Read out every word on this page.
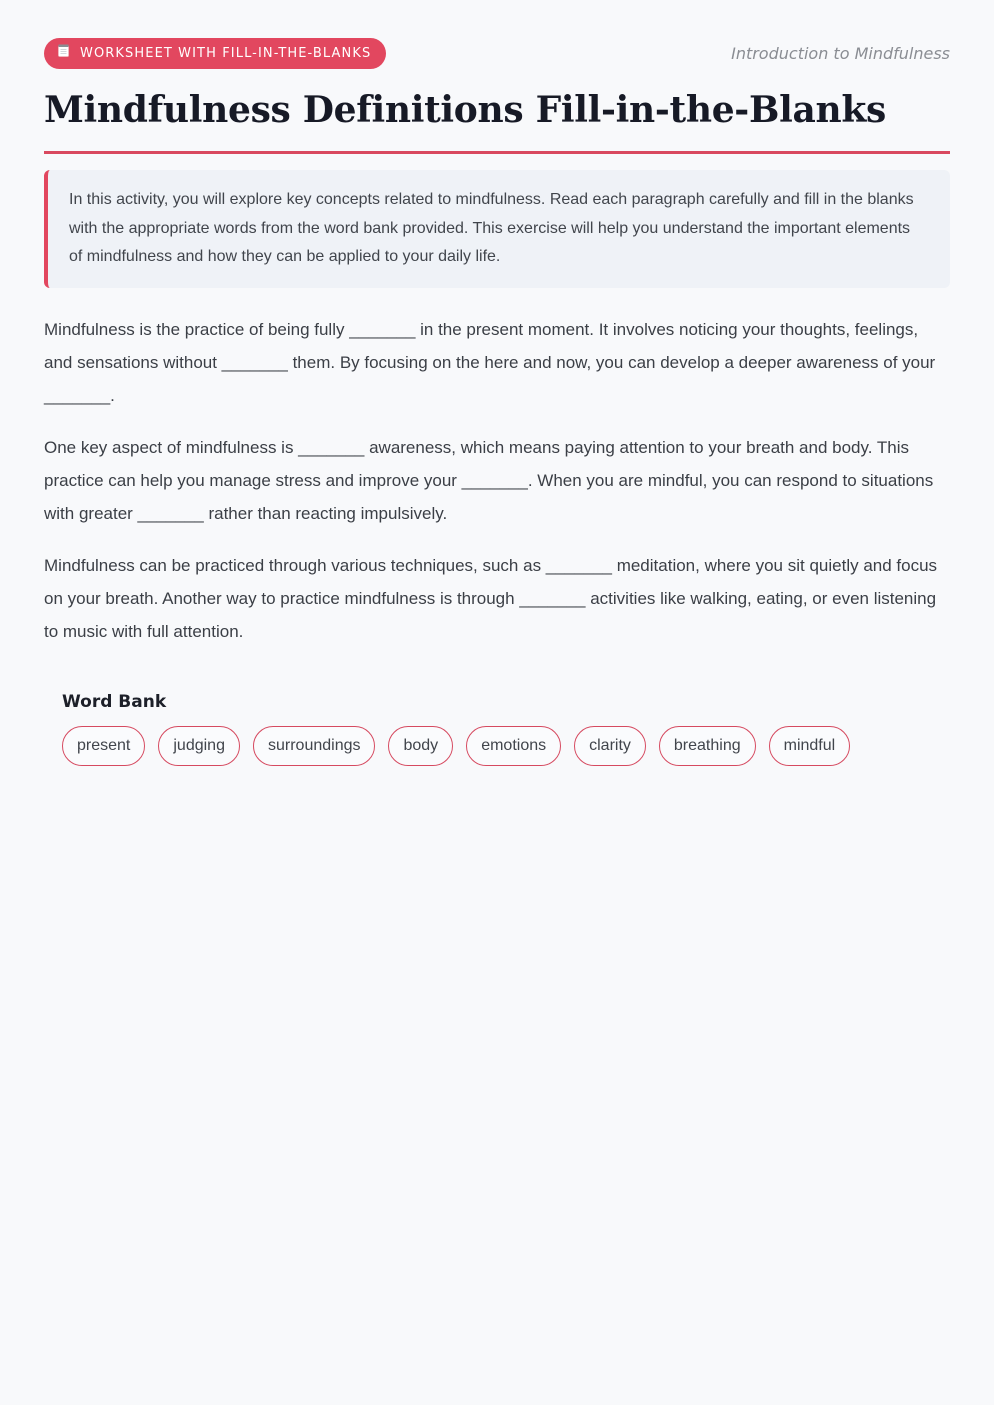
WORKSHEET WITH FILL-IN-THE-BLANKS	Introduction to Mindfulness
Mindfulness Definitions Fill-in-the-Blanks
In this activity, you will explore key concepts related to mindfulness. Read each paragraph carefully and fill in the blanks with the appropriate words from the word bank provided. This exercise will help you understand the important elements of mindfulness and how they can be applied to your daily life.

Mindfulness is the practice of being fully _______ in the present moment. It involves noticing your thoughts, feelings, and sensations without _______ them. By focusing on the here and now, you can develop a deeper awareness of your _______.

One key aspect of mindfulness is _______ awareness, which means paying attention to your breath and body. This practice can help you manage stress and improve your _______. When you are mindful, you can respond to situations with greater _______ rather than reacting impulsively.

Mindfulness can be practiced through various techniques, such as _______ meditation, where you sit quietly and focus on your breath. Another way to practice mindfulness is through _______ activities like walking, eating, or even listening to music with full attention.

Word Bank
present	judging	surroundings	body	emotions	clarity	breathing	mindful
